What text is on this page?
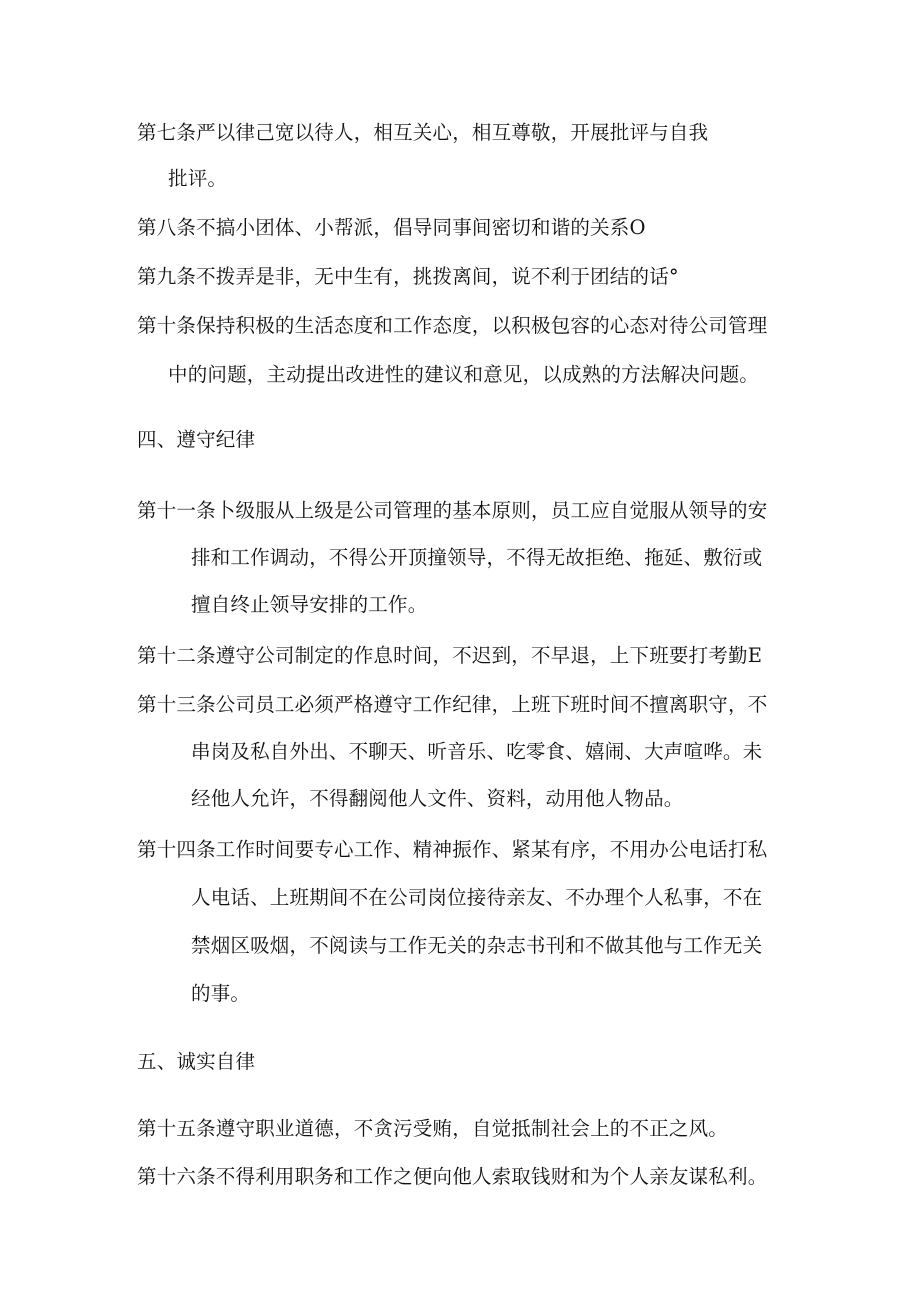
第七条严以律己宽以待人，相互关心，相互尊敬，开展批评与自我

批评。

第八条不搞小团体、小帮派，倡导同事间密切和谐的关系O

第九条不拨弄是非，无中生有，挑拨离间，说不利于团结的话°

第十条保持积极的生活态度和工作态度，以积极包容的心态对待公司管理

中的问题，主动提出改进性的建议和意见，以成熟的方法解决问题。

四、遵守纪律

第十一条卜级服从上级是公司管理的基本原则，员工应自觉服从领导的安

排和工作调动，不得公开顶撞领导，不得无故拒绝、拖延、敷衍或

擅自终止领导安排的工作。

第十二条遵守公司制定的作息时间，不迟到，不早退，上下班要打考勤E

第十三条公司员工必须严格遵守工作纪律，上班下班时间不擅离职守，不

串岗及私自外出、不聊天、听音乐、吃零食、嬉闹、大声喧哗。未

经他人允许，不得翻阅他人文件、资料，动用他人物品。

第十四条工作时间要专心工作、精神振作、紧某有序，不用办公电话打私

人电话、上班期间不在公司岗位接待亲友、不办理个人私事，不在

禁烟区吸烟，不阅读与工作无关的杂志书刊和不做其他与工作无关

的事。

五、诚实自律

第十五条遵守职业道德，不贪污受贿，自觉抵制社会上的不正之风。

第十六条不得利用职务和工作之便向他人索取钱财和为个人亲友谋私利。
